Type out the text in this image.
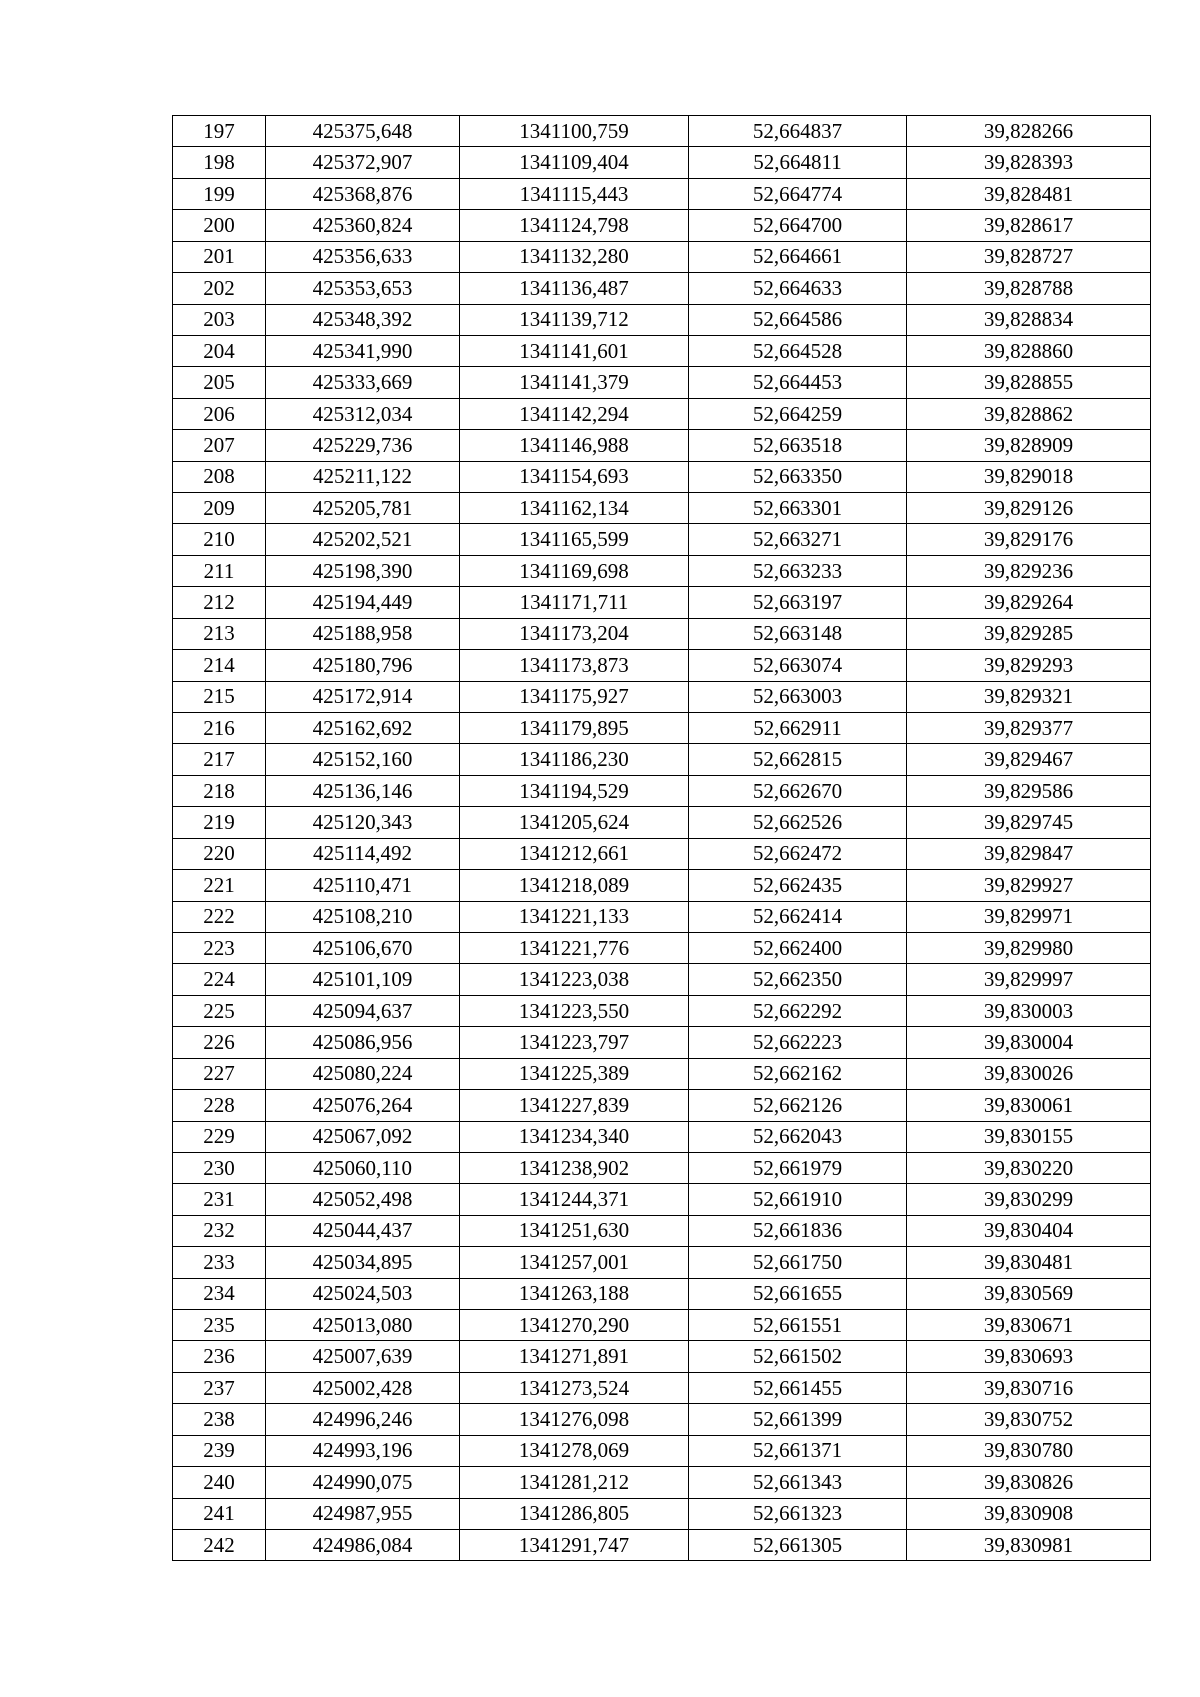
197	425375,648	1341100,759	52,664837	39,828266
198	425372,907	1341109,404	52,664811	39,828393
199	425368,876	1341115,443	52,664774	39,828481
200	425360,824	1341124,798	52,664700	39,828617
201	425356,633	1341132,280	52,664661	39,828727
202	425353,653	1341136,487	52,664633	39,828788
203	425348,392	1341139,712	52,664586	39,828834
204	425341,990	1341141,601	52,664528	39,828860
205	425333,669	1341141,379	52,664453	39,828855
206	425312,034	1341142,294	52,664259	39,828862
207	425229,736	1341146,988	52,663518	39,828909
208	425211,122	1341154,693	52,663350	39,829018
209	425205,781	1341162,134	52,663301	39,829126
210	425202,521	1341165,599	52,663271	39,829176
211	425198,390	1341169,698	52,663233	39,829236
212	425194,449	1341171,711	52,663197	39,829264
213	425188,958	1341173,204	52,663148	39,829285
214	425180,796	1341173,873	52,663074	39,829293
215	425172,914	1341175,927	52,663003	39,829321
216	425162,692	1341179,895	52,662911	39,829377
217	425152,160	1341186,230	52,662815	39,829467
218	425136,146	1341194,529	52,662670	39,829586
219	425120,343	1341205,624	52,662526	39,829745
220	425114,492	1341212,661	52,662472	39,829847
221	425110,471	1341218,089	52,662435	39,829927
222	425108,210	1341221,133	52,662414	39,829971
223	425106,670	1341221,776	52,662400	39,829980
224	425101,109	1341223,038	52,662350	39,829997
225	425094,637	1341223,550	52,662292	39,830003
226	425086,956	1341223,797	52,662223	39,830004
227	425080,224	1341225,389	52,662162	39,830026
228	425076,264	1341227,839	52,662126	39,830061
229	425067,092	1341234,340	52,662043	39,830155
230	425060,110	1341238,902	52,661979	39,830220
231	425052,498	1341244,371	52,661910	39,830299
232	425044,437	1341251,630	52,661836	39,830404
233	425034,895	1341257,001	52,661750	39,830481
234	425024,503	1341263,188	52,661655	39,830569
235	425013,080	1341270,290	52,661551	39,830671
236	425007,639	1341271,891	52,661502	39,830693
237	425002,428	1341273,524	52,661455	39,830716
238	424996,246	1341276,098	52,661399	39,830752
239	424993,196	1341278,069	52,661371	39,830780
240	424990,075	1341281,212	52,661343	39,830826
241	424987,955	1341286,805	52,661323	39,830908
242	424986,084	1341291,747	52,661305	39,830981
